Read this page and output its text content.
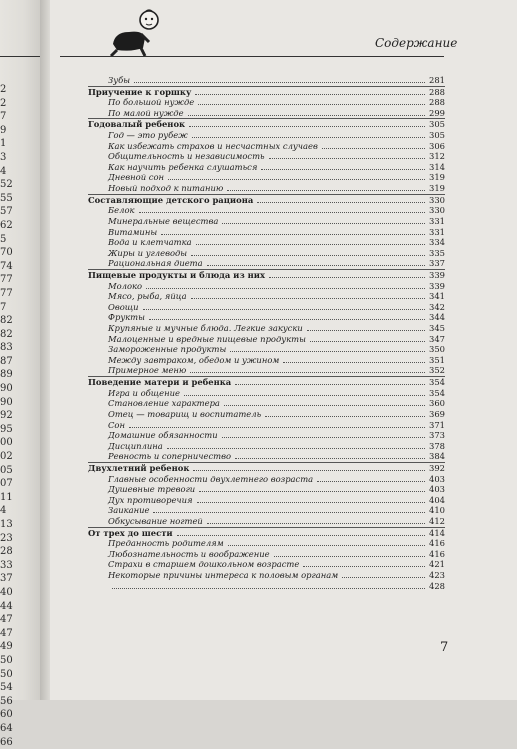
2
2
7
9
1
3
4
52
55
57
62
5
70
74
77
77
7
82
82
83
87
89
90
90
92
95
00
02
05
07
11
4
13
23
28
33
37
40
44
47
47
49
50
50
54
56
60
64
66
Содержание
Зубы	281
Приучение к горшку	288
По большой нужде	288
По малой нужде	299
Годовалый ребенок	305
Год — это рубеж	305
Как избежать страхов и несчастных случаев	306
Общительность и независимость	312
Как научить ребенка слушаться	314
Дневной сон	319
Новый подход к питанию	319
Составляющие детского рациона	330
Белок	330
Минеральные вещества	331
Витамины	331
Вода и клетчатка	334
Жиры и углеводы	335
Рациональная диета	337
Пищевые продукты и блюда из них	339
Молоко	339
Мясо, рыба, яйца	341
Овощи	342
Фрукты	344
Крупяные и мучные блюда. Легкие закуски	345
Малоценные и вредные пищевые продукты	347
Замороженные продукты	350
Между завтраком, обедом и ужином	351
Примерное меню	352
Поведение матери и ребенка	354
Игра и общение	354
Становление характера	360
Отец — товарищ и воспитатель	369
Сон	371
Домашние обязанности	373
Дисциплина	378
Ревность и соперничество	384
Двухлетний ребенок	392
Главные особенности двухлетнего возраста	403
Душевные тревоги	403
Дух противоречия	404
Заикание	410
Обкусывание ногтей	412
От трех до шести	414
Преданность родителям	416
Любознательность и воображение	416
Страхи в старшем дошкольном возрасте	421
Некоторые причины интереса к половым органам	423
428
7
